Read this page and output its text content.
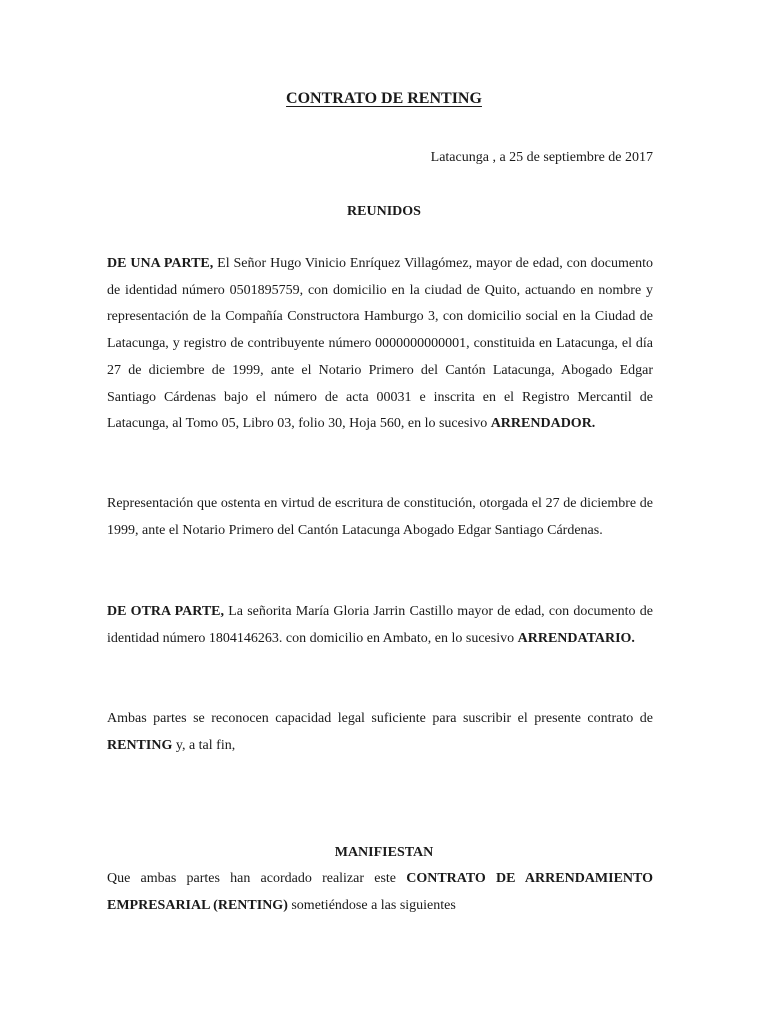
CONTRATO DE RENTING
Latacunga , a 25 de septiembre de 2017
REUNIDOS

DE UNA PARTE, El Señor Hugo Vinicio Enríquez Villagómez, mayor de edad, con documento de identidad número 0501895759, con domicilio en la ciudad de Quito, actuando en nombre y representación de la Compañía Constructora Hamburgo 3, con domicilio social en la Ciudad de Latacunga, y registro de contribuyente número 0000000000001, constituida en Latacunga, el día 27 de diciembre de 1999, ante el Notario Primero del Cantón Latacunga, Abogado Edgar Santiago Cárdenas bajo el número de acta 00031 e inscrita en el Registro Mercantil de Latacunga, al Tomo 05, Libro 03, folio 30, Hoja 560, en lo sucesivo ARRENDADOR.

Representación que ostenta en virtud de escritura de constitución, otorgada el 27 de diciembre de 1999, ante el Notario Primero del Cantón Latacunga Abogado Edgar Santiago Cárdenas.

DE OTRA PARTE, La señorita María Gloria Jarrin Castillo mayor de edad, con documento de identidad número 1804146263. con domicilio en Ambato, en lo sucesivo ARRENDATARIO.

Ambas partes se reconocen capacidad legal suficiente para suscribir el presente contrato de RENTING y, a tal fin,

MANIFIESTAN

Que ambas partes han acordado realizar este CONTRATO DE ARRENDAMIENTO EMPRESARIAL (RENTING) sometiéndose a las siguientes
